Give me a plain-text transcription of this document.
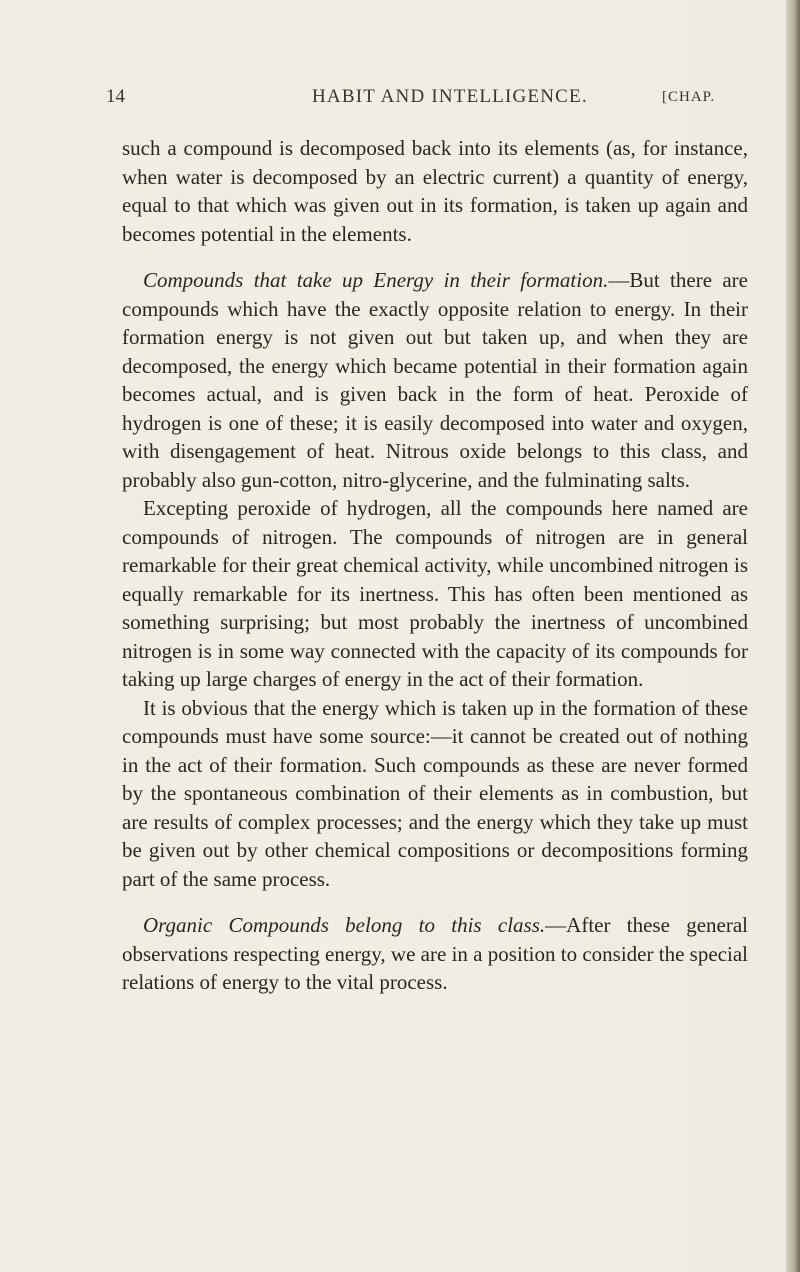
14	HABIT AND INTELLIGENCE.	[CHAP.

such a compound is decomposed back into its elements (as, for instance, when water is decomposed by an electric current) a quantity of energy, equal to that which was given out in its formation, is taken up again and becomes potential in the elements.

Compounds that take up Energy in their formation.—But there are compounds which have the exactly opposite relation to energy. In their formation energy is not given out but taken up, and when they are decomposed, the energy which became potential in their formation again becomes actual, and is given back in the form of heat. Peroxide of hydrogen is one of these; it is easily decomposed into water and oxygen, with disengagement of heat. Nitrous oxide belongs to this class, and probably also gun-cotton, nitro-glycerine, and the fulminating salts.

Excepting peroxide of hydrogen, all the compounds here named are compounds of nitrogen. The compounds of nitrogen are in general remarkable for their great chemical activity, while uncombined nitrogen is equally remarkable for its inertness. This has often been mentioned as something surprising; but most probably the inertness of uncombined nitrogen is in some way connected with the capacity of its compounds for taking up large charges of energy in the act of their formation.

It is obvious that the energy which is taken up in the formation of these compounds must have some source:—it cannot be created out of nothing in the act of their formation. Such compounds as these are never formed by the spontaneous combination of their elements as in combustion, but are results of complex processes; and the energy which they take up must be given out by other chemical compositions or decompositions forming part of the same process.

Organic Compounds belong to this class.—After these general observations respecting energy, we are in a position to consider the special relations of energy to the vital process.
